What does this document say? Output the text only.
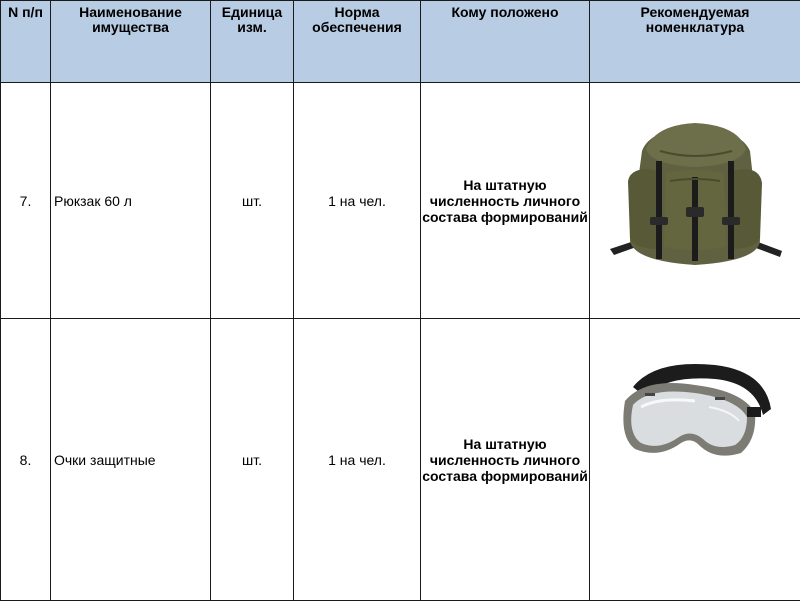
N п/п	Наименование имущества	Единица изм.	Норма обеспечения	Кому положено	Рекомендуемая номенклатура
7.	Рюкзак 60 л	шт.	1 на чел.	На штатную численность личного состава формирований	

8.	Очки защитные	шт.	1 на чел.	На штатную численность личного состава формирований	
